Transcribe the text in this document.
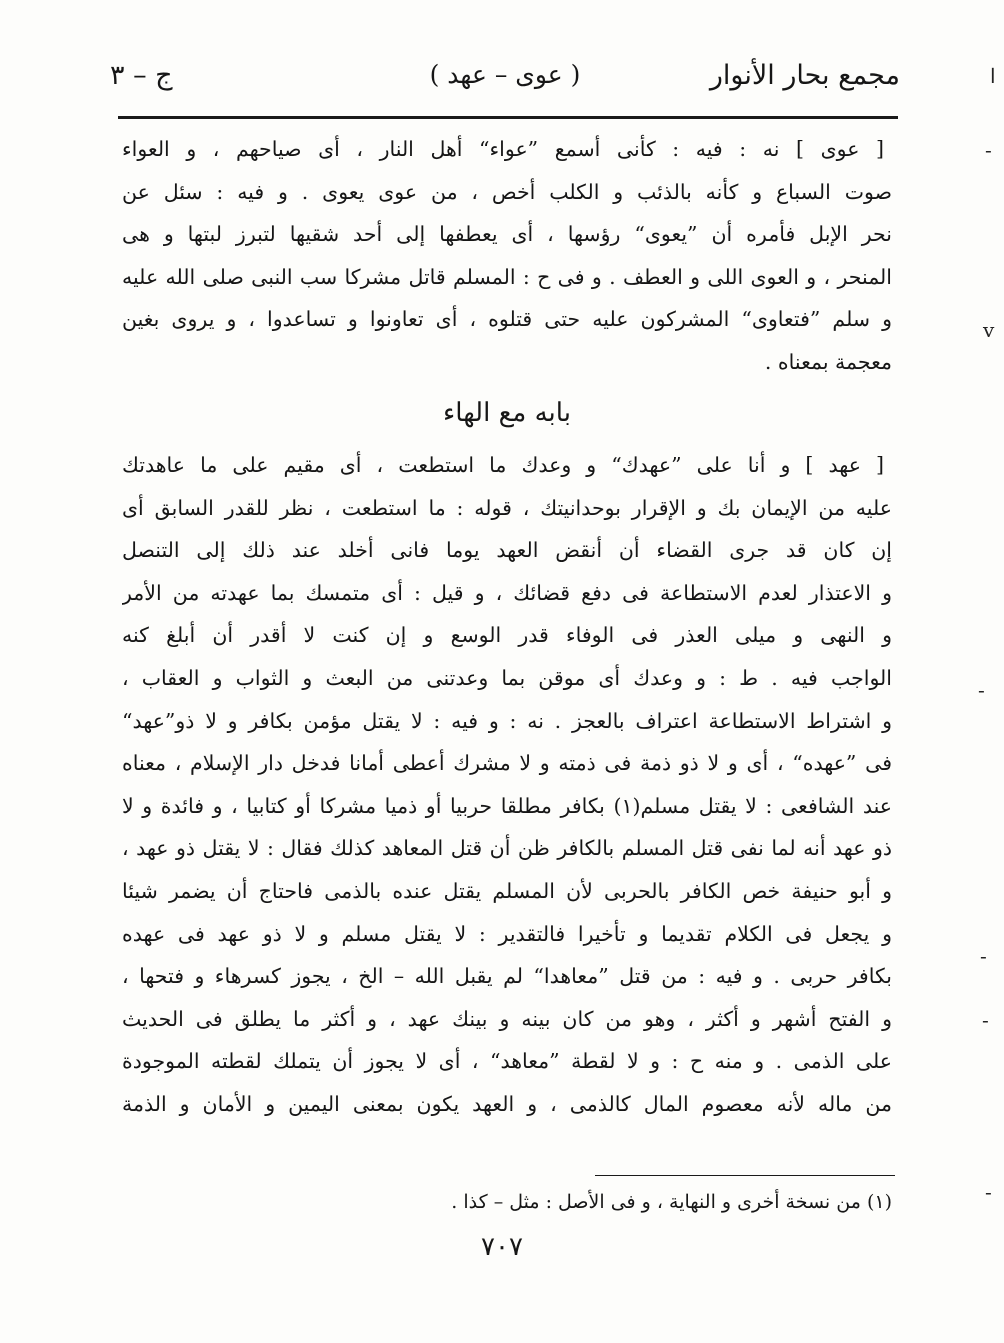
مجمع بحار الأنوار
( عوى – عهد )
ج – ٣
[ عوى ] نه : فيه : كأنى أسمع ”عواء“ أهل النار ، أى صياحهم ، و العواء
صوت السباع و كأنه بالذئب و الكلب أخص ، من عوى يعوى . و فيه : سئل عن
نحر الإبل فأمره أن ”يعوى“ رؤسها ، أى يعطفها إلى أحد شقيها لتبرز لبتها و هى
المنحر ، و العوى اللى و العطف . و فى ح : المسلم قاتل مشركا سب النبى صلى الله عليه
و سلم ”فتعاوى“ المشركون عليه حتى قتلوه ، أى تعاونوا و تساعدوا ، و يروى بغين
معجمة بمعناه .
بابه مع الهاء
[ عهد ] و أنا على ”عهدك“ و وعدك ما استطعت ، أى مقيم على ما عاهدتك
عليه من الإيمان بك و الإقرار بوحدانيتك ، قوله : ما استطعت ، نظر للقدر السابق أى
إن كان قد جرى القضاء أن أنقض العهد يوما فانى أخلد عند ذلك إلى التنصل
و الاعتذار لعدم الاستطاعة فى دفع قضائك ، و قيل : أى متمسك بما عهدته من الأمر
و النهى و ميلى العذر فى الوفاء قدر الوسع و إن كنت لا أقدر أن أبلغ كنه
الواجب فيه . ط : و وعدك أى موقن بما وعدتنى من البعث و الثواب و العقاب ،
و اشتراط الاستطاعة اعتراف بالعجز . نه : و فيه : لا يقتل مؤمن بكافر و لا ذو”عهد“
فى ”عهده“ ، أى و لا ذو ذمة فى ذمته و لا مشرك أعطى أمانا فدخل دار الإسلام ، معناه
عند الشافعى : لا يقتل مسلم(١) بكافر مطلقا حربيا أو ذميا مشركا أو كتابيا ، و فائدة و لا
ذو عهد أنه لما نفى قتل المسلم بالكافر ظن أن قتل المعاهد كذلك فقال : لا يقتل ذو عهد ،
و أبو حنيفة خص الكافر بالحربى لأن المسلم يقتل عنده بالذمى فاحتاج أن يضمر شيئا
و يجعل فى الكلام تقديما و تأخيرا فالتقدير : لا يقتل مسلم و لا ذو عهد فى عهده
بكافر حربى . و فيه : من قتل ”معاهدا“ لم يقبل الله – الخ ، يجوز كسرهاء و فتحها ،
و الفتح أشهر و أكثر ، وهو من كان بينه و بينك عهد ، و أكثر ما يطلق فى الحديث
على الذمى . و منه ح : و لا لقطة ”معاهد“ ، أى لا يجوز أن يتملك لقطته الموجودة
من ماله لأنه معصوم المال كالذمى ، و العهد يكون بمعنى اليمين و الأمان و الذمة
(١) من نسخة أخرى و النهاية ، و فى الأصل : مثل – كذا .
٧٠٧
ا
-
v
-
-
-
-
